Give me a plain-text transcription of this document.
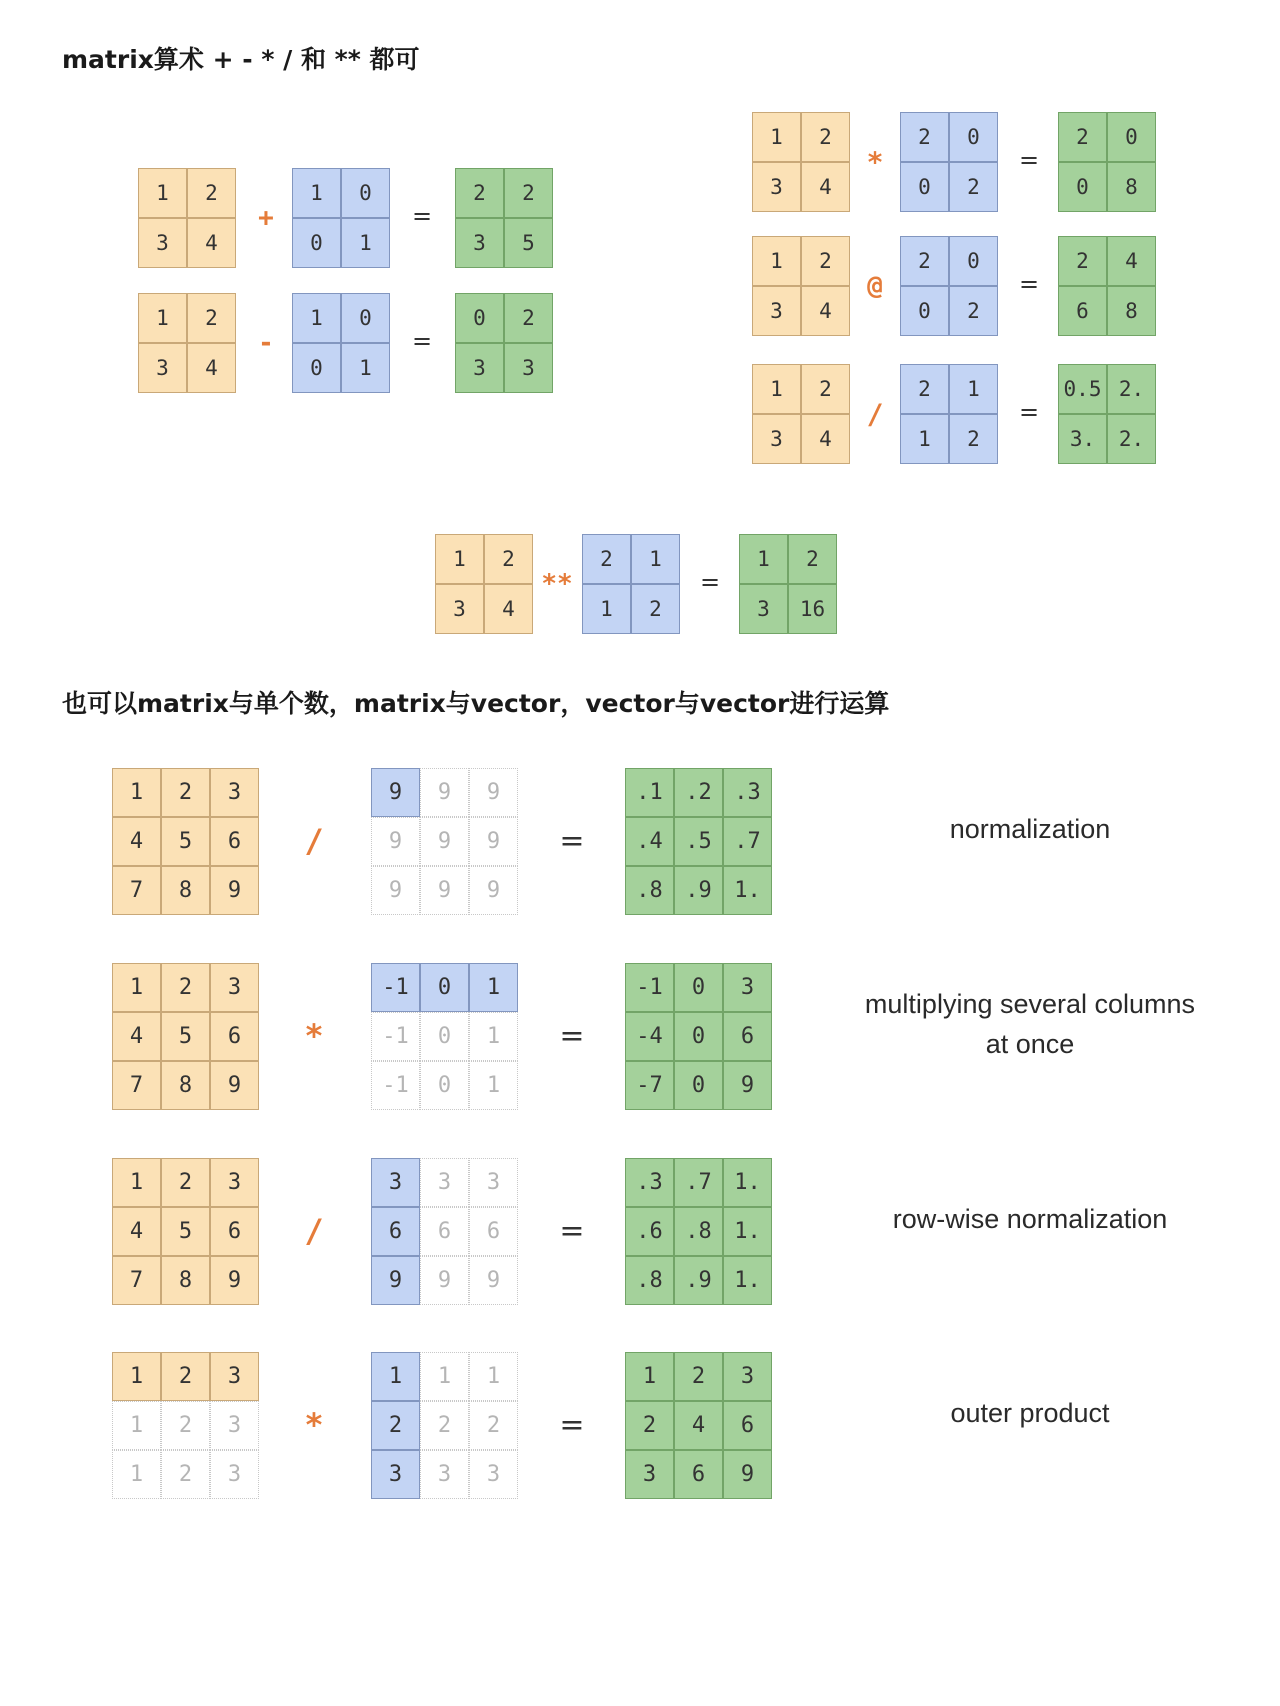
matrix算术 + - * / 和 ** 都可
也可以matrix与单个数，matrix与vector，vector与vector进行运算
1	2
3	4
1	0
0	1
2	2
3	5
+	=
1	2
3	4
1	0
0	1
0	2
3	3
-	=
1	2
3	4
2	0
0	2
2	0
0	8
*	=
1	2
3	4
2	0
0	2
2	4
6	8
@	=
1	2
3	4
2	1
1	2
0.5 2.
3.	2.
/	=
1	2
3	4
2	1
1	2
1	2
3	16
**	=
1	2	3
4	5	6
7	8	9
9	9	9
9	9	9
9	9	9
.1	.2	.3
.4	.5	.7
.8	.9	1.
/	=	normalization
1	2	3
4	5	6
7	8	9
-1	0	1
-1	0	1
-1	0	1
-1	0	3
-4	0	6
-7	0	9
*	=
multiplying several columns at once
1	2	3
4	5	6
7	8	9
3	3	3
6	6	6
9	9	9
.3	.7	1.
.6	.8	1.
.8	.9	1.
/	=	row-wise normalization
1	2	3
1	2	3
1	2	3
1	1	1
2	2	2
3	3	3
1	2	3
2	4	6
3	6	9
*	=	outer product
